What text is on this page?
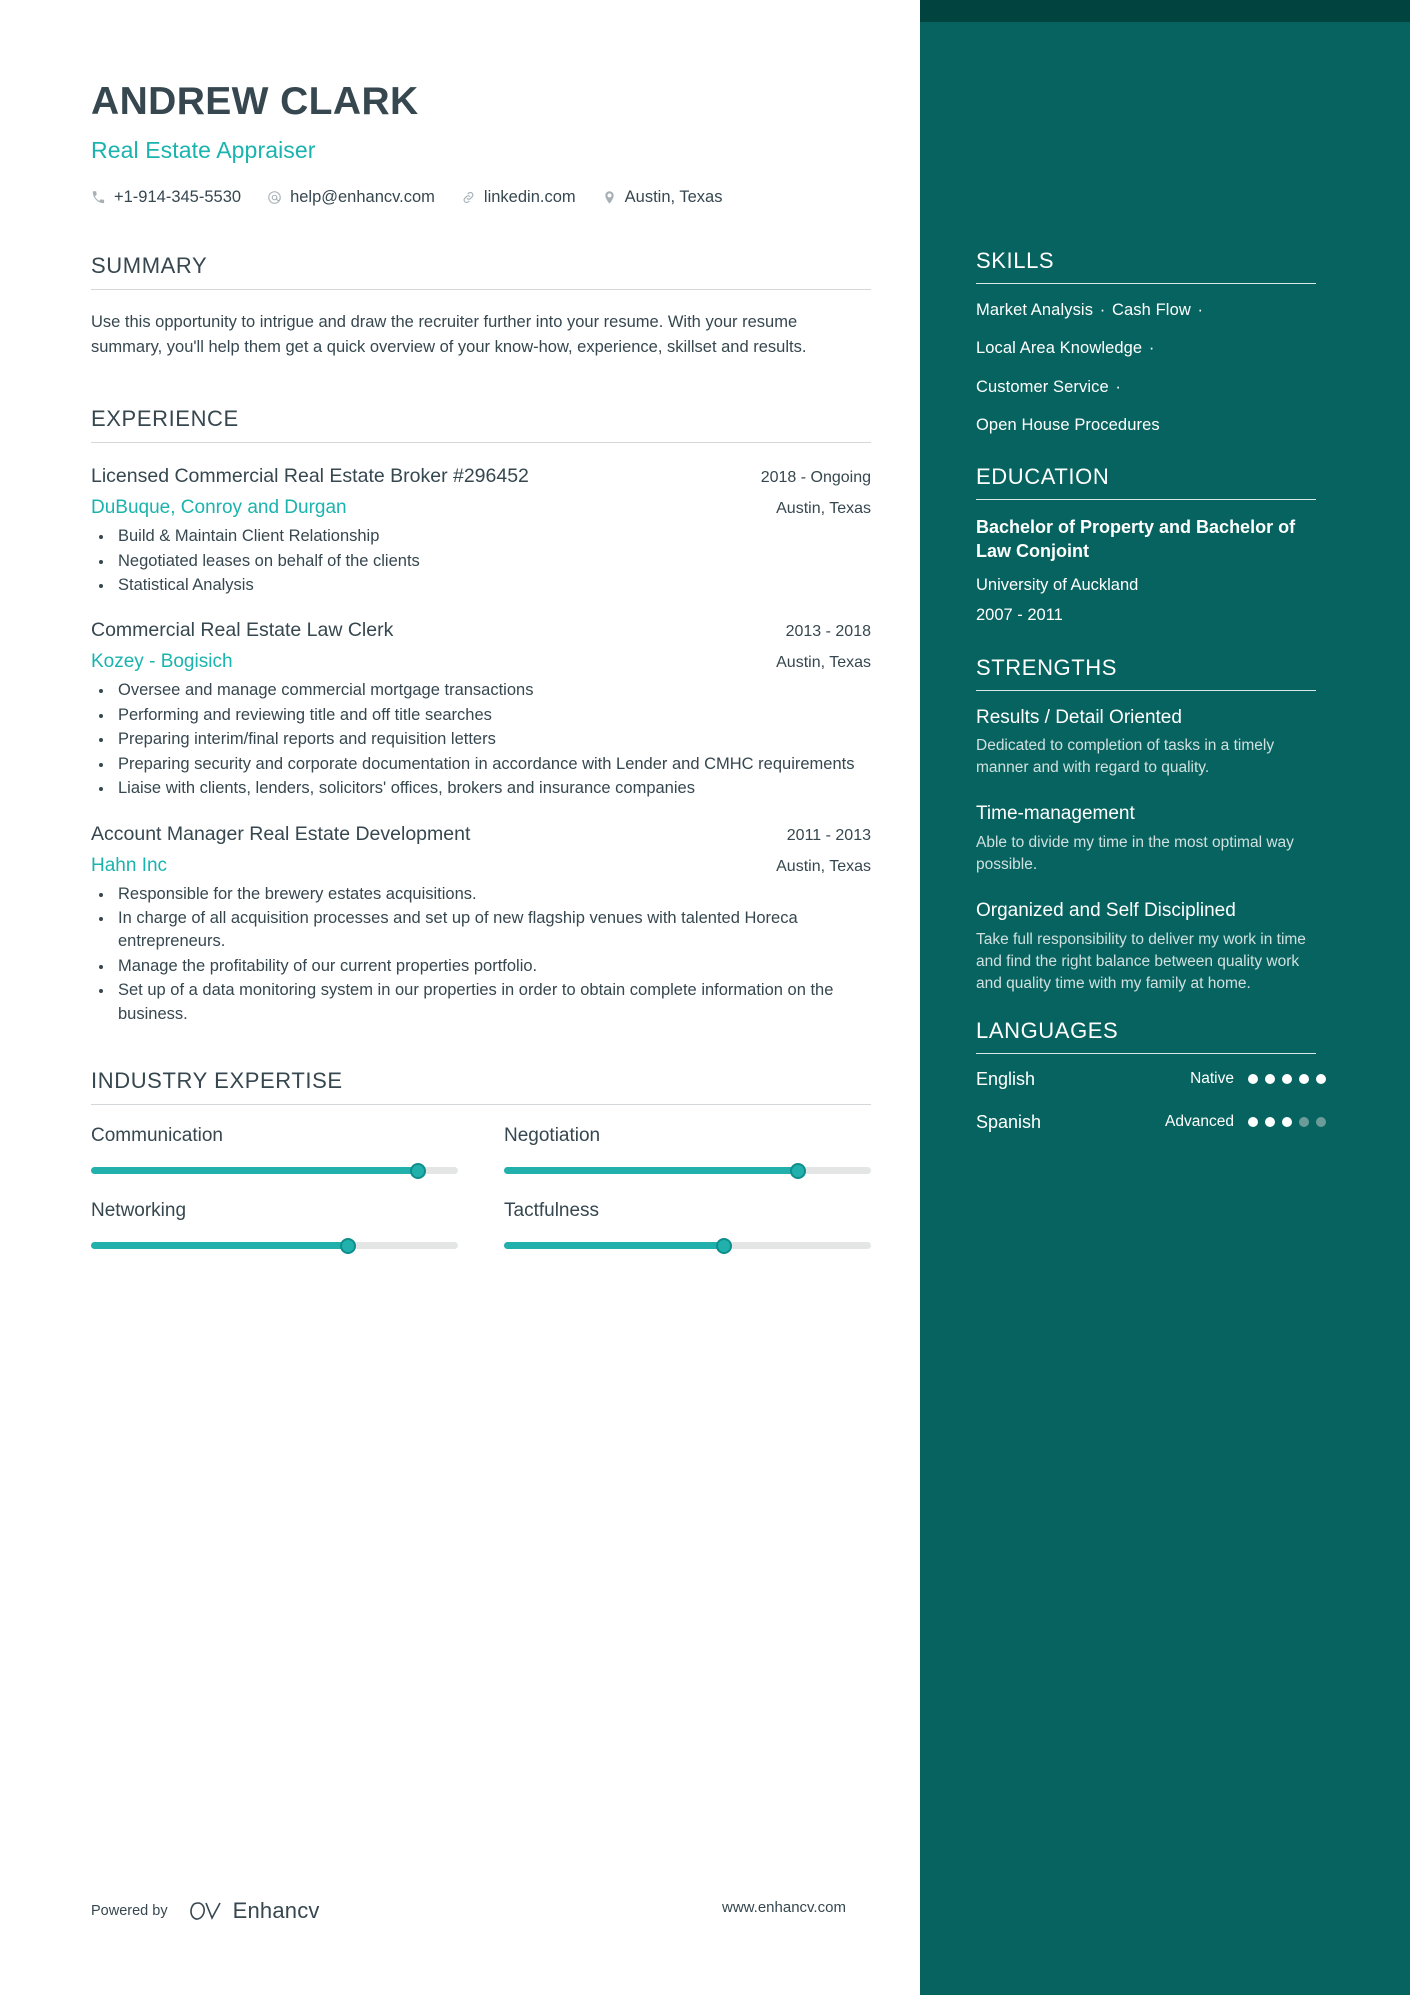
SKILLS
Market Analysis · Cash Flow ·
Local Area Knowledge ·
Customer Service ·
Open House Procedures
EDUCATION
Bachelor of Property and Bachelor of Law Conjoint
University of Auckland
2007 - 2011
STRENGTHS
Results / Detail Oriented
Dedicated to completion of tasks in a timely manner and with regard to quality.
Time-management
Able to divide my time in the most optimal way possible.
Organized and Self Disciplined
Take full responsibility to deliver my work in time and find the right balance between quality work and quality time with my family at home.
LANGUAGES
English	Native
Spanish	Advanced
ANDREW CLARK
Real Estate Appraiser
+1-914-345-5530	help@enhancv.com	linkedin.com	Austin, Texas
SUMMARY

Use this opportunity to intrigue and draw the recruiter further into your resume. With your resume summary, you'll help them get a quick overview of your know-how, experience, skillset and results.

EXPERIENCE
Licensed Commercial Real Estate Broker #296452	2018 - Ongoing
DuBuque, Conroy and Durgan	Austin, Texas
• Build & Maintain Client Relationship
• Negotiated leases on behalf of the clients
• Statistical Analysis
Commercial Real Estate Law Clerk	2013 - 2018
Kozey - Bogisich	Austin, Texas
• Oversee and manage commercial mortgage transactions
• Performing and reviewing title and off title searches
• Preparing interim/final reports and requisition letters
• Preparing security and corporate documentation in accordance with Lender and CMHC requirements
• Liaise with clients, lenders, solicitors' offices, brokers and insurance companies
Account Manager Real Estate Development	2011 - 2013
Hahn Inc	Austin, Texas
• Responsible for the brewery estates acquisitions.
• In charge of all acquisition processes and set up of new flagship venues with talented Horeca entrepreneurs.
• Manage the profitability of our current properties portfolio.
• Set up of a data monitoring system in our properties in order to obtain complete information on the business.
INDUSTRY EXPERTISE
Communication	Negotiation
Networking	Tactfulness
Powered by	Enhancv	www.enhancv.com
